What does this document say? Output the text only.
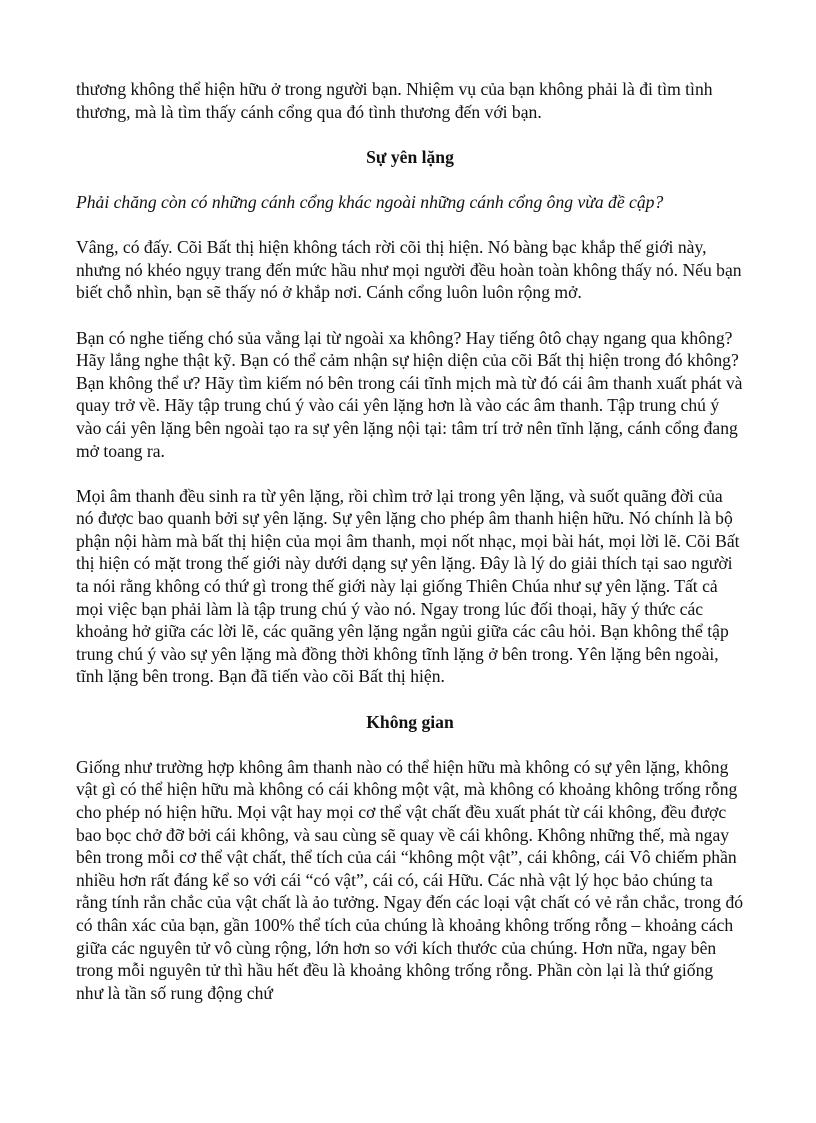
thương không thể hiện hữu ở trong người bạn. Nhiệm vụ của bạn không phải là đi tìm tình thương, mà là tìm thấy cánh cổng qua đó tình thương đến với bạn.

Sự yên lặng

Phải chăng còn có những cánh cổng khác ngoài những cánh cổng ông vừa đề cập?

Vâng, có đấy. Cõi Bất thị hiện không tách rời cõi thị hiện. Nó bàng bạc khắp thế giới này, nhưng nó khéo ngụy trang đến mức hầu như mọi người đều hoàn toàn không thấy nó. Nếu bạn biết chỗ nhìn, bạn sẽ thấy nó ở khắp nơi. Cánh cổng luôn luôn rộng mở.

Bạn có nghe tiếng chó sủa vẳng lại từ ngoài xa không? Hay tiếng ôtô chạy ngang qua không? Hãy lắng nghe thật kỹ. Bạn có thể cảm nhận sự hiện diện của cõi Bất thị hiện trong đó không? Bạn không thể ư? Hãy tìm kiếm nó bên trong cái tĩnh mịch mà từ đó cái âm thanh xuất phát và quay trở về. Hãy tập trung chú ý vào cái yên lặng hơn là vào các âm thanh. Tập trung chú ý vào cái yên lặng bên ngoài tạo ra sự yên lặng nội tại: tâm trí trở nên tĩnh lặng, cánh cổng đang mở toang ra.

Mọi âm thanh đều sinh ra từ yên lặng, rồi chìm trở lại trong yên lặng, và suốt quãng đời của nó được bao quanh bởi sự yên lặng. Sự yên lặng cho phép âm thanh hiện hữu. Nó chính là bộ phận nội hàm mà bất thị hiện của mọi âm thanh, mọi nốt nhạc, mọi bài hát, mọi lời lẽ. Cõi Bất thị hiện có mặt trong thế giới này dưới dạng sự yên lặng. Đây là lý do giải thích tại sao người ta nói rằng không có thứ gì trong thế giới này lại giống Thiên Chúa như sự yên lặng. Tất cả mọi việc bạn phải làm là tập trung chú ý vào nó. Ngay trong lúc đối thoại, hãy ý thức các khoảng hở giữa các lời lẽ, các quãng yên lặng ngắn ngủi giữa các câu hỏi. Bạn không thể tập trung chú ý vào sự yên lặng mà đồng thời không tĩnh lặng ở bên trong. Yên lặng bên ngoài, tĩnh lặng bên trong. Bạn đã tiến vào cõi Bất thị hiện.

Không gian

Giống như trường hợp không âm thanh nào có thể hiện hữu mà không có sự yên lặng, không vật gì có thể hiện hữu mà không có cái không một vật, mà không có khoảng không trống rỗng cho phép nó hiện hữu. Mọi vật hay mọi cơ thể vật chất đều xuất phát từ cái không, đều được bao bọc chở đỡ bởi cái không, và sau cùng sẽ quay về cái không. Không những thế, mà ngay bên trong mỗi cơ thể vật chất, thể tích của cái “không một vật”, cái không, cái Vô chiếm phần nhiều hơn rất đáng kể so với cái “có vật”, cái có, cái Hữu. Các nhà vật lý học bảo chúng ta rằng tính rắn chắc của vật chất là ảo tưởng. Ngay đến các loại vật chất có vẻ rắn chắc, trong đó có thân xác của bạn, gần 100% thể tích của chúng là khoảng không trống rỗng – khoảng cách giữa các nguyên tử vô cùng rộng, lớn hơn so với kích thước của chúng. Hơn nữa, ngay bên trong mỗi nguyên tử thì hầu hết đều là khoảng không trống rỗng. Phần còn lại là thứ giống như là tần số rung động chứ
